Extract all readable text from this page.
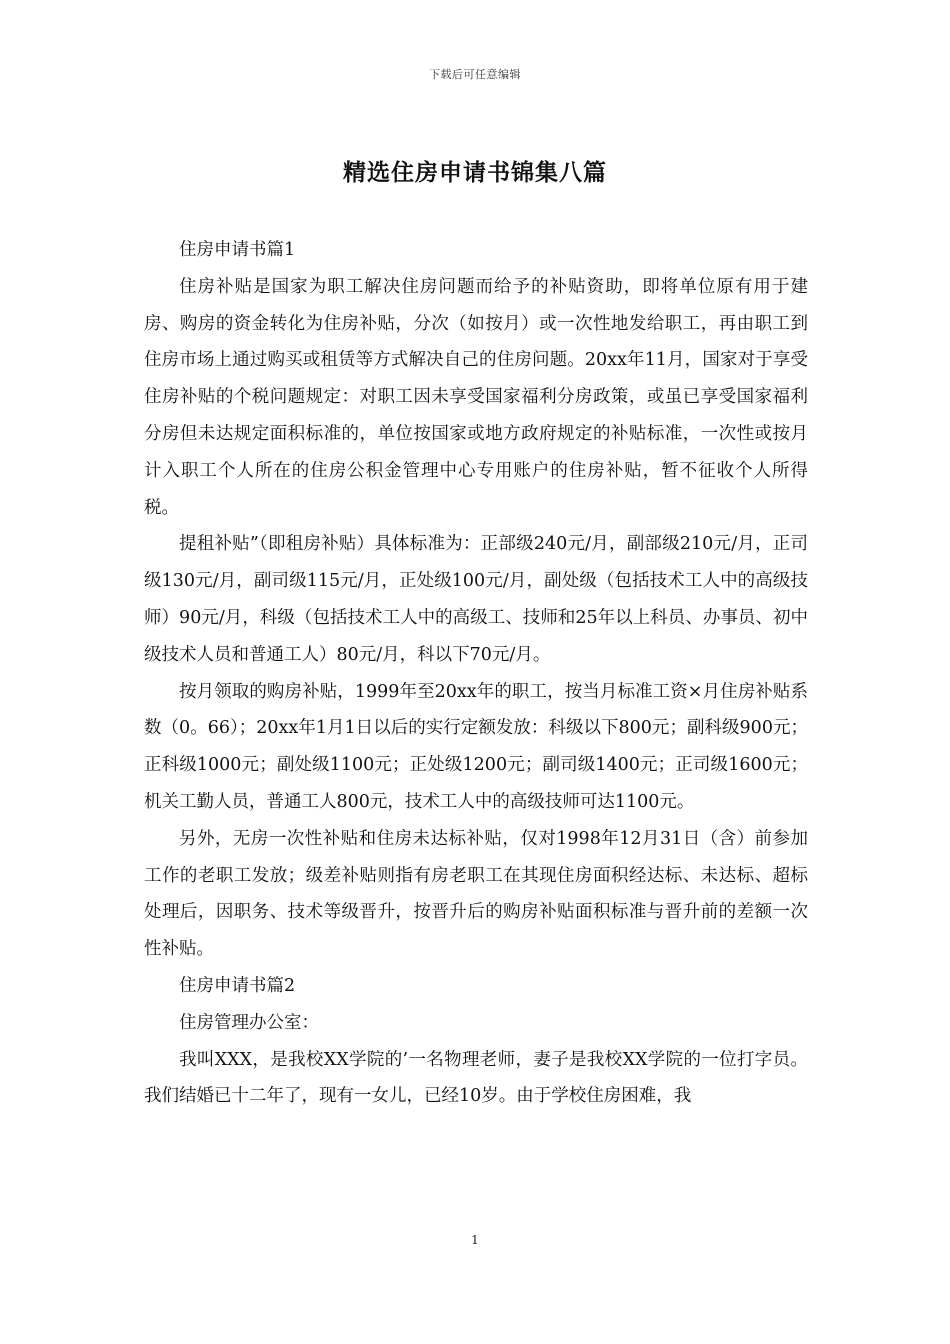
下载后可任意编辑
精选住房申请书锦集八篇

住房申请书篇1

住房补贴是国家为职工解决住房问题而给予的补贴资助，即将单位原有用于建房、购房的资金转化为住房补贴，分次（如按月）或一次性地发给职工，再由职工到住房市场上通过购买或租赁等方式解决自己的住房问题。20xx年11月，国家对于享受住房补贴的个税问题规定：对职工因未享受国家福利分房政策，或虽已享受国家福利分房但未达规定面积标准的，单位按国家或地方政府规定的补贴标准，一次性或按月计入职工个人所在的住房公积金管理中心专用账户的住房补贴，暂不征收个人所得税。

提租补贴”（即租房补贴）具体标准为：正部级240元/月，副部级210元/月，正司级130元/月，副司级115元/月，正处级100元/月，副处级（包括技术工人中的高级技师）90元/月，科级（包括技术工人中的高级工、技师和25年以上科员、办事员、初中级技术人员和普通工人）80元/月，科以下70元/月。

按月领取的购房补贴，1999年至20xx年的职工，按当月标准工资×月住房补贴系数（0。66）；20xx年1月1日以后的实行定额发放：科级以下800元；副科级900元；正科级1000元；副处级1100元；正处级1200元；副司级1400元；正司级1600元；机关工勤人员，普通工人800元，技术工人中的高级技师可达1100元。

另外，无房一次性补贴和住房未达标补贴，仅对1998年12月31日（含）前参加工作的老职工发放；级差补贴则指有房老职工在其现住房面积经达标、未达标、超标处理后，因职务、技术等级晋升，按晋升后的购房补贴面积标准与晋升前的差额一次性补贴。

住房申请书篇2

住房管理办公室：

我叫XXX，是我校XX学院的’一名物理老师，妻子是我校XX学院的一位打字员。我们结婚已十二年了，现有一女儿，已经10岁。由于学校住房困难，我

1
